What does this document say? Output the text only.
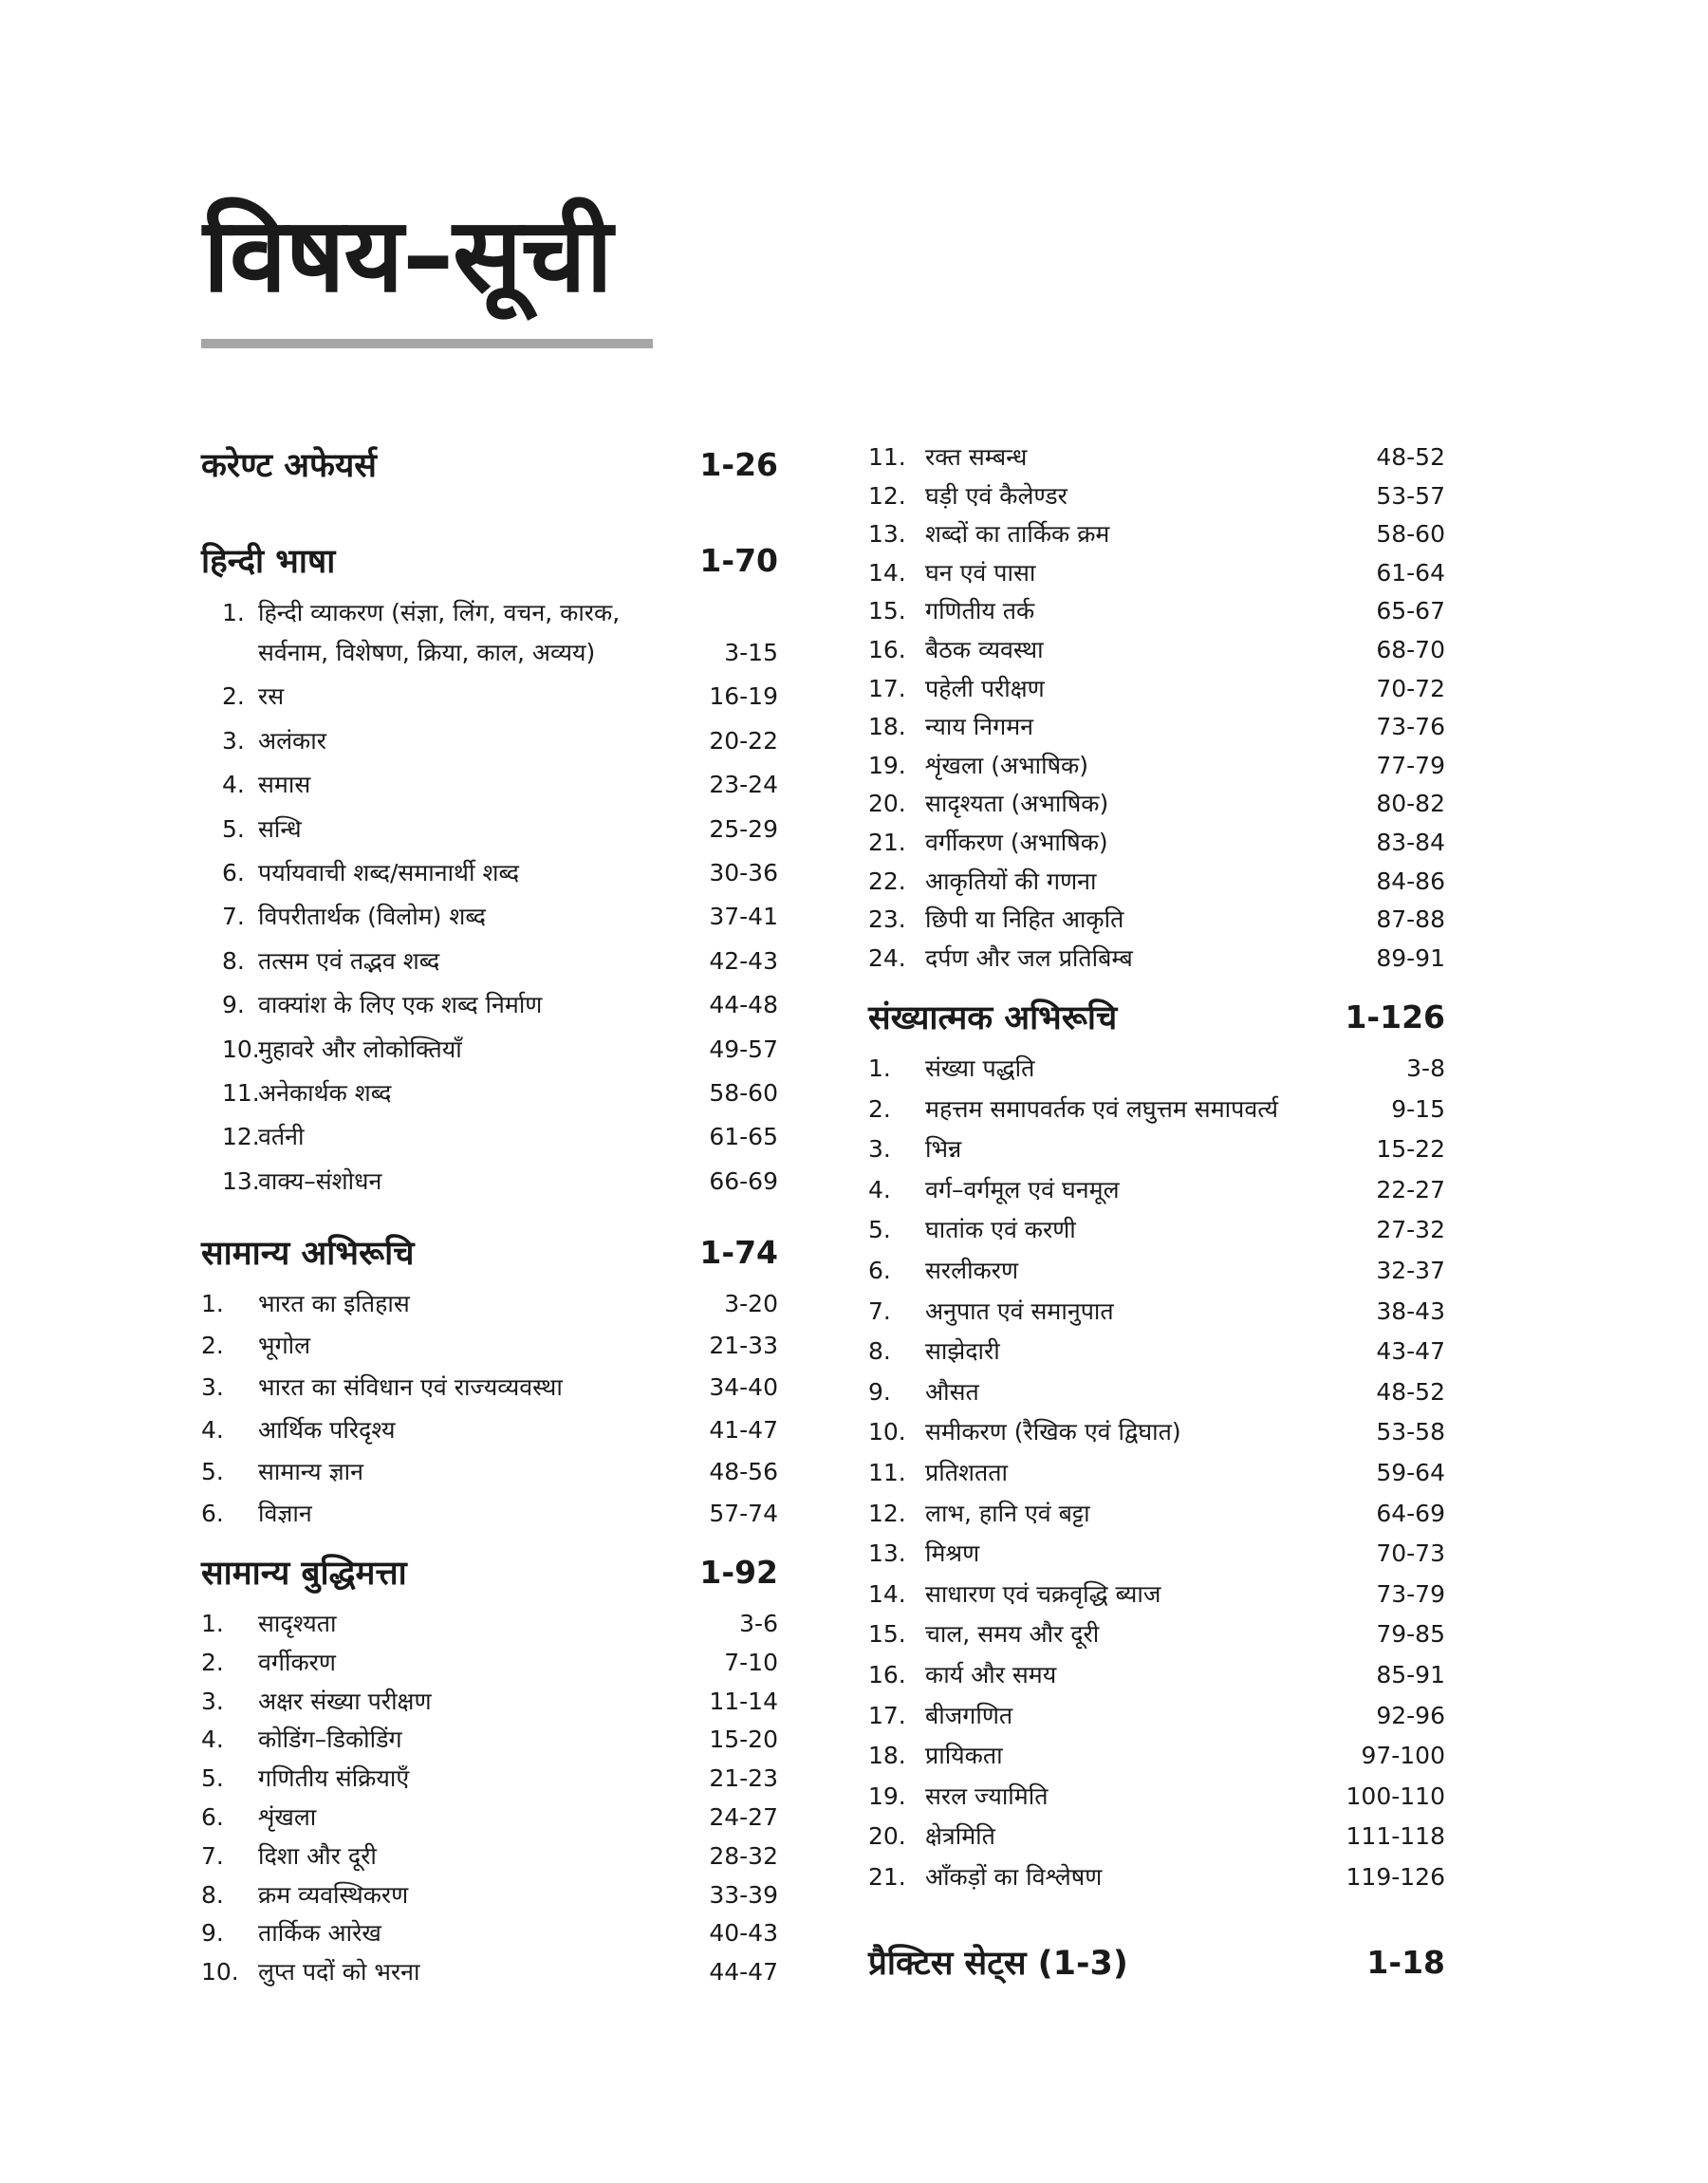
विषय–सूची
करेण्ट अफेयर्स	1-26
हिन्दी भाषा	1-70
1. हिन्दी व्याकरण (संज्ञा, लिंग, वचन, कारक,
सर्वनाम, विशेषण, क्रिया, काल, अव्यय)	3-15
2. रस	16-19
3. अलंकार	20-22
4. समास	23-24
5. सन्धि	25-29
6. पर्यायवाची शब्द/समानार्थी शब्द	30-36
7. विपरीतार्थक (विलोम) शब्द	37-41
8. तत्सम एवं तद्भव शब्द	42-43
9. वाक्यांश के लिए एक शब्द निर्माण	44-48
10.
मुहावरे और लोकोक्तियाँ	49-57
11.
अनेकार्थक शब्द	58-60
12.
वर्तनी	61-65
13.
वाक्य–संशोधन	66-69
सामान्य अभिरूचि	1-74
1.	भारत का इतिहास	3-20
2.	भूगोल	21-33
3.	भारत का संविधान एवं राज्यव्यवस्था	34-40
4.	आर्थिक परिदृश्य	41-47
5.	सामान्य ज्ञान	48-56
6.	विज्ञान	57-74
सामान्य बुद्धिमत्ता	1-92
1.	सादृश्यता	3-6
2.	वर्गीकरण	7-10
3.	अक्षर संख्या परीक्षण	11-14
4.	कोडिंग–डिकोडिंग	15-20
5.	गणितीय संक्रियाएँ	21-23
6.	शृंखला	24-27
7.	दिशा और दूरी	28-32
8.	क्रम व्यवस्थिकरण	33-39
9.	तार्किक आरेख	40-43
10. लुप्त पदों को भरना	44-47
11. रक्त सम्बन्ध	48-52
12. घड़ी एवं कैलेण्डर	53-57
13. शब्दों का तार्किक क्रम	58-60
14. घन एवं पासा	61-64
15. गणितीय तर्क	65-67
16. बैठक व्यवस्था	68-70
17. पहेली परीक्षण	70-72
18. न्याय निगमन	73-76
19. शृंखला (अभाषिक)	77-79
20. सादृश्यता (अभाषिक)	80-82
21. वर्गीकरण (अभाषिक)	83-84
22. आकृतियों की गणना	84-86
23. छिपी या निहित आकृति	87-88
24. दर्पण और जल प्रतिबिम्ब	89-91
संख्यात्मक अभिरूचि	1-126
1.	संख्या पद्धति	3-8
2.	महत्तम समापवर्तक एवं लघुत्तम समापवर्त्य	9-15
3.	भिन्न	15-22
4.	वर्ग–वर्गमूल एवं घनमूल	22-27
5.	घातांक एवं करणी	27-32
6.	सरलीकरण	32-37
7.	अनुपात एवं समानुपात	38-43
8.	साझेदारी	43-47
9.	औसत	48-52
10. समीकरण (रैखिक एवं द्विघात)	53-58
11. प्रतिशतता	59-64
12. लाभ, हानि एवं बट्टा	64-69
13. मिश्रण	70-73
14. साधारण एवं चक्रवृद्धि ब्याज	73-79
15. चाल, समय और दूरी	79-85
16. कार्य और समय	85-91
17. बीजगणित	92-96
18. प्रायिकता	97-100
19. सरल ज्यामिति	100-110
20. क्षेत्रमिति	111-118
21. आँकड़ों का विश्लेषण	119-126
प्रैक्टिस सेट्स (1-3)	1-18
